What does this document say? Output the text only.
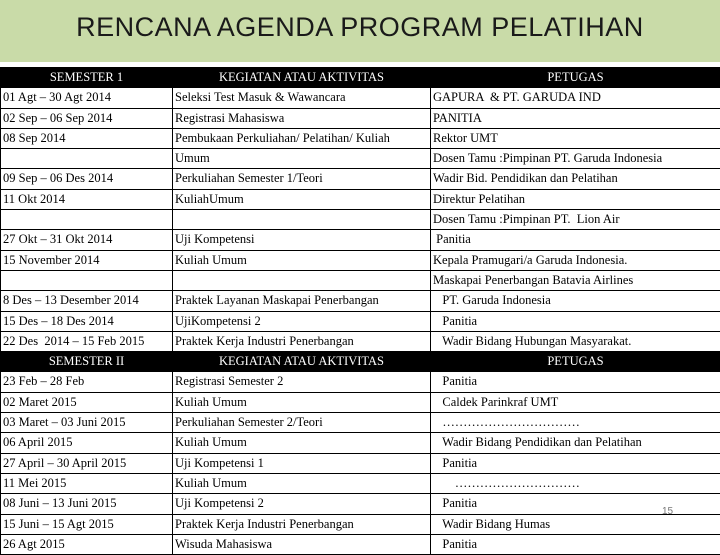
RENCANA AGENDA PROGRAM PELATIHAN
SEMESTER 1	KEGIATAN ATAU AKTIVITAS	PETUGAS

01 Agt – 30 Agt 2014	Seleksi Test Masuk & Wawancara	GAPURA  & PT. GARUDA IND

02 Sep – 06 Sep 2014	Registrasi Mahasiswa	PANITIA

08 Sep 2014	Pembukaan Perkuliahan/ Pelatihan/ Kuliah	Rektor UMT

	Umum	Dosen Tamu :Pimpinan PT. Garuda Indonesia

09 Sep – 06 Des 2014	Perkuliahan Semester 1/Teori	Wadir Bid. Pendidikan dan Pelatihan

11 Okt 2014	KuliahUmum	Direktur Pelatihan

		Dosen Tamu :Pimpinan PT.  Lion Air

27 Okt – 31 Okt 2014	Uji Kompetensi	Panitia

15 November 2014	Kuliah Umum	Kepala Pramugari/a Garuda Indonesia.

		Maskapai Penerbangan Batavia Airlines

8 Des – 13 Desember 2014	Praktek Layanan Maskapai Penerbangan	PT. Garuda Indonesia

15 Des – 18 Des 2014	UjiKompetensi 2	Panitia

22 Des  2014 – 15 Feb 2015	Praktek Kerja Industri Penerbangan	Wadir Bidang Hubungan Masyarakat.

SEMESTER II	KEGIATAN ATAU AKTIVITAS	PETUGAS

23 Feb – 28 Feb	Registrasi Semester 2	Panitia

02 Maret 2015	Kuliah Umum	Caldek Parinkraf UMT

03 Maret – 03 Juni 2015	Perkuliahan Semester 2/Teori	……………………………

06 April 2015	Kuliah Umum	Wadir Bidang Pendidikan dan Pelatihan

27 April – 30 April 2015	Uji Kompetensi 1	Panitia

11 Mei 2015	Kuliah Umum	…………………………

08 Juni – 13 Juni 2015	Uji Kompetensi 2	Panitia

15 Juni – 15 Agt 2015	Praktek Kerja Industri Penerbangan	Wadir Bidang Humas

26 Agt 2015	Wisuda Mahasiswa	Panitia
15
